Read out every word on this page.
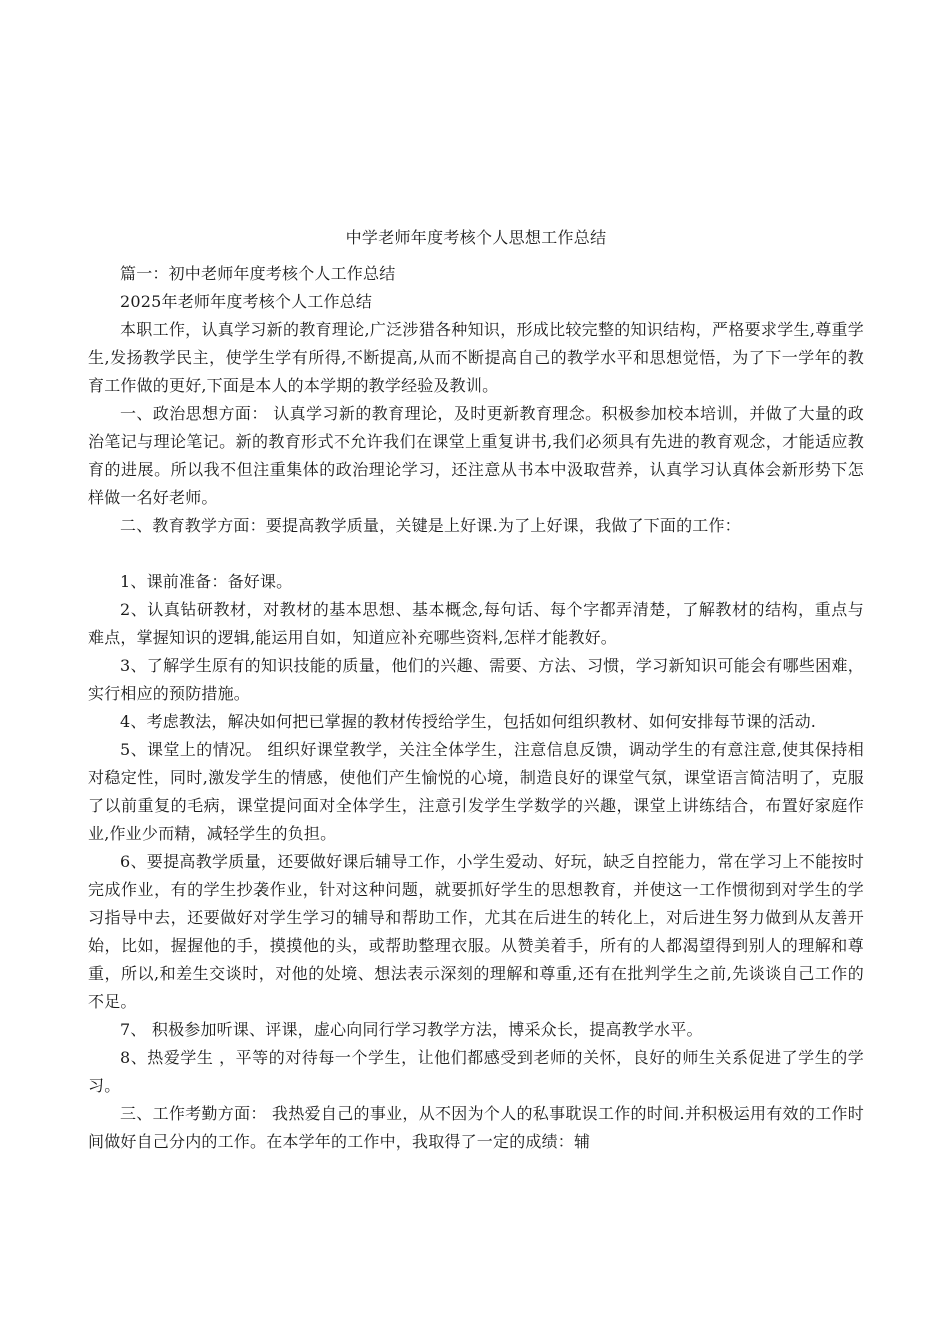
中学老师年度考核个人思想工作总结

篇一：初中老师年度考核个人工作总结

2025年老师年度考核个人工作总结

本职工作，认真学习新的教育理论,广泛涉猎各种知识，形成比较完整的知识结构，严格要求学生,尊重学生,发扬教学民主，使学生学有所得,不断提高,从而不断提高自己的教学水平和思想觉悟，为了下一学年的教育工作做的更好,下面是本人的本学期的教学经验及教训。

一、政治思想方面： 认真学习新的教育理论，及时更新教育理念。积极参加校本培训，并做了大量的政治笔记与理论笔记。新的教育形式不允许我们在课堂上重复讲书,我们必须具有先进的教育观念，才能适应教育的进展。所以我不但注重集体的政治理论学习，还注意从书本中汲取营养，认真学习认真体会新形势下怎样做一名好老师。

二、教育教学方面：要提高教学质量，关键是上好课.为了上好课，我做了下面的工作：

1、课前准备：备好课。

2、认真钻研教材，对教材的基本思想、基本概念,每句话、每个字都弄清楚，了解教材的结构，重点与难点，掌握知识的逻辑,能运用自如，知道应补充哪些资料,怎样才能教好。

3、了解学生原有的知识技能的质量，他们的兴趣、需要、方法、习惯，学习新知识可能会有哪些困难，实行相应的预防措施。

4、考虑教法，解决如何把已掌握的教材传授给学生，包括如何组织教材、如何安排每节课的活动.

5、课堂上的情况。 组织好课堂教学，关注全体学生，注意信息反馈，调动学生的有意注意,使其保持相对稳定性，同时,激发学生的情感，使他们产生愉悦的心境，制造良好的课堂气氛，课堂语言简洁明了，克服了以前重复的毛病，课堂提问面对全体学生，注意引发学生学数学的兴趣，课堂上讲练结合，布置好家庭作业,作业少而精，减轻学生的负担。

6、要提高教学质量，还要做好课后辅导工作，小学生爱动、好玩，缺乏自控能力，常在学习上不能按时完成作业，有的学生抄袭作业，针对这种问题，就要抓好学生的思想教育，并使这一工作惯彻到对学生的学习指导中去，还要做好对学生学习的辅导和帮助工作，尤其在后进生的转化上，对后进生努力做到从友善开始，比如，握握他的手，摸摸他的头，或帮助整理衣服。从赞美着手，所有的人都渴望得到别人的理解和尊重，所以,和差生交谈时，对他的处境、想法表示深刻的理解和尊重,还有在批判学生之前,先谈谈自己工作的不足。

7、 积极参加听课、评课，虚心向同行学习教学方法，博采众长，提高教学水平。

8、热爱学生 ，平等的对待每一个学生，让他们都感受到老师的关怀，良好的师生关系促进了学生的学习。

三、工作考勤方面： 我热爱自己的事业，从不因为个人的私事耽误工作的时间.并积极运用有效的工作时间做好自己分内的工作。在本学年的工作中，我取得了一定的成绩：辅
